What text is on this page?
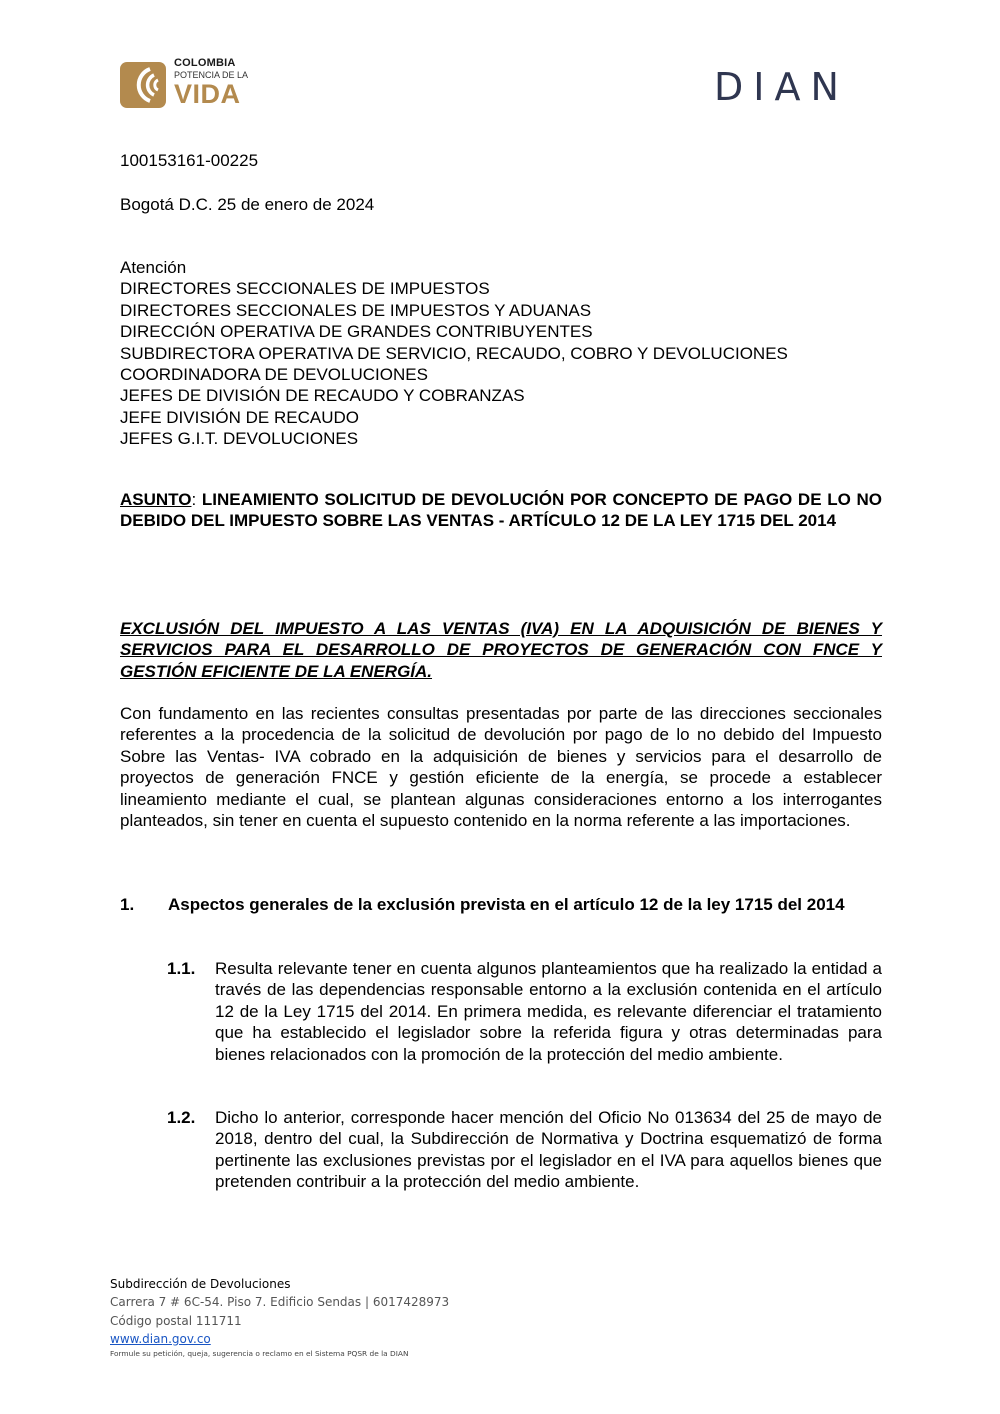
COLOMBIA
POTENCIA DE LA
VIDA	DIAN
100153161-00225
Bogotá D.C. 25 de enero de 2024
Atención
DIRECTORES SECCIONALES DE IMPUESTOS
DIRECTORES SECCIONALES DE IMPUESTOS Y ADUANAS
DIRECCIÓN OPERATIVA DE GRANDES CONTRIBUYENTES
SUBDIRECTORA OPERATIVA DE SERVICIO, RECAUDO, COBRO Y DEVOLUCIONES
COORDINADORA DE DEVOLUCIONES
JEFES DE DIVISIÓN DE RECAUDO Y COBRANZAS
JEFE DIVISIÓN DE RECAUDO
JEFES G.I.T. DEVOLUCIONES
ASUNTO: LINEAMIENTO SOLICITUD DE DEVOLUCIÓN POR CONCEPTO DE PAGO DE LO NO DEBIDO DEL IMPUESTO SOBRE LAS VENTAS - ARTÍCULO 12 DE LA LEY 1715 DEL 2014
EXCLUSIÓN DEL IMPUESTO A LAS VENTAS (IVA) EN LA ADQUISICIÓN DE BIENES Y SERVICIOS PARA EL DESARROLLO DE PROYECTOS DE GENERACIÓN CON FNCE Y GESTIÓN EFICIENTE DE LA ENERGÍA.
Con fundamento en las recientes consultas presentadas por parte de las direcciones seccionales referentes a la procedencia de la solicitud de devolución por pago de lo no debido del Impuesto Sobre las Ventas- IVA cobrado en la adquisición de bienes y servicios para el desarrollo de proyectos de generación FNCE y gestión eficiente de la energía, se procede a establecer lineamiento mediante el cual, se plantean algunas consideraciones entorno a los interrogantes planteados, sin tener en cuenta el supuesto contenido en la norma referente a las importaciones.
1. Aspectos generales de la exclusión prevista en el artículo 12 de la ley 1715 del 2014
1.1. Resulta relevante tener en cuenta algunos planteamientos que ha realizado la entidad a través de las dependencias responsable entorno a la exclusión contenida en el artículo 12 de la Ley 1715 del 2014. En primera medida, es relevante diferenciar el tratamiento que ha establecido el legislador sobre la referida figura y otras determinadas para bienes relacionados con la promoción de la protección del medio ambiente.
1.2. Dicho lo anterior, corresponde hacer mención del Oficio No 013634 del 25 de mayo de 2018, dentro del cual, la Subdirección de Normativa y Doctrina esquematizó de forma pertinente las exclusiones previstas por el legislador en el IVA para aquellos bienes que pretenden contribuir a la protección del medio ambiente.
Subdirección de Devoluciones
Carrera 7 # 6C-54. Piso 7. Edificio Sendas | 6017428973
Código postal 111711
www.dian.gov.co
Formule su petición, queja, sugerencia o reclamo en el Sistema PQSR de la DIAN
